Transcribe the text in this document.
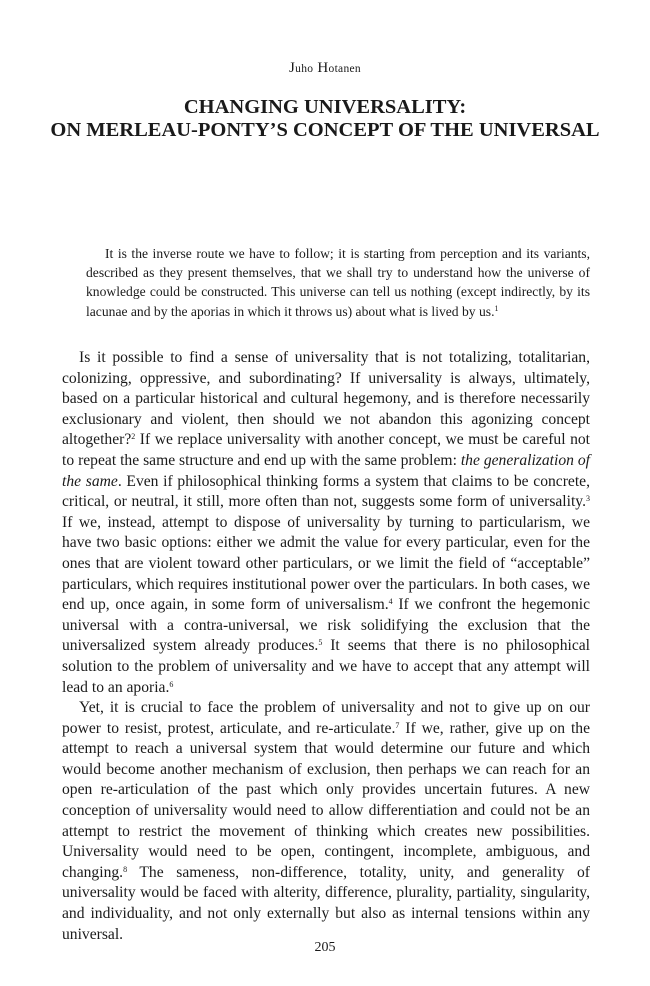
Juho Hotanen
CHANGING UNIVERSALITY:
ON MERLEAU-PONTY’S CONCEPT OF THE UNIVERSAL

It is the inverse route we have to follow; it is starting from perception and its variants, described as they present themselves, that we shall try to understand how the universe of knowledge could be constructed. This universe can tell us nothing (except indirectly, by its lacunae and by the aporias in which it throws us) about what is lived by us.$^1$

Is it possible to find a sense of universality that is not totalizing, totalitarian, colonizing, oppressive, and subordinating? If universality is always, ultimately, based on a particular historical and cultural hegemony, and is therefore necessarily exclusionary and violent, then should we not abandon this agonizing concept altogether?$^2$ If we replace universality with another concept, we must be careful not to repeat the same structure and end up with the same problem: the generalization of the same. Even if philosophical thinking forms a system that claims to be concrete, critical, or neutral, it still, more often than not, suggests some form of universality.$^3$ If we, instead, attempt to dispose of universality by turning to particularism, we have two basic options: either we admit the value for every particular, even for the ones that are violent toward other particulars, or we limit the field of “acceptable” particulars, which requires institutional power over the particulars. In both cases, we end up, once again, in some form of universalism.$^4$ If we confront the hegemonic universal with a contra-universal, we risk solidifying the exclusion that the universalized system already produces.$^5$ It seems that there is no philosophical solution to the problem of universality and we have to accept that any attempt will lead to an aporia.$^6$

Yet, it is crucial to face the problem of universality and not to give up on our power to resist, protest, articulate, and re-articulate.$^7$ If we, rather, give up on the attempt to reach a universal system that would determine our future and which would become another mechanism of exclusion, then perhaps we can reach for an open re-articulation of the past which only provides uncertain futures. A new conception of universality would need to allow differentiation and could not be an attempt to restrict the movement of thinking which creates new possibilities. Universality would need to be open, contingent, incomplete, ambiguous, and changing.$^8$ The sameness, non-difference, totality, unity, and generality of universality would be faced with alterity, difference, plurality, partiality, singularity, and individuality, and not only externally but also as internal tensions within any universal.

205
